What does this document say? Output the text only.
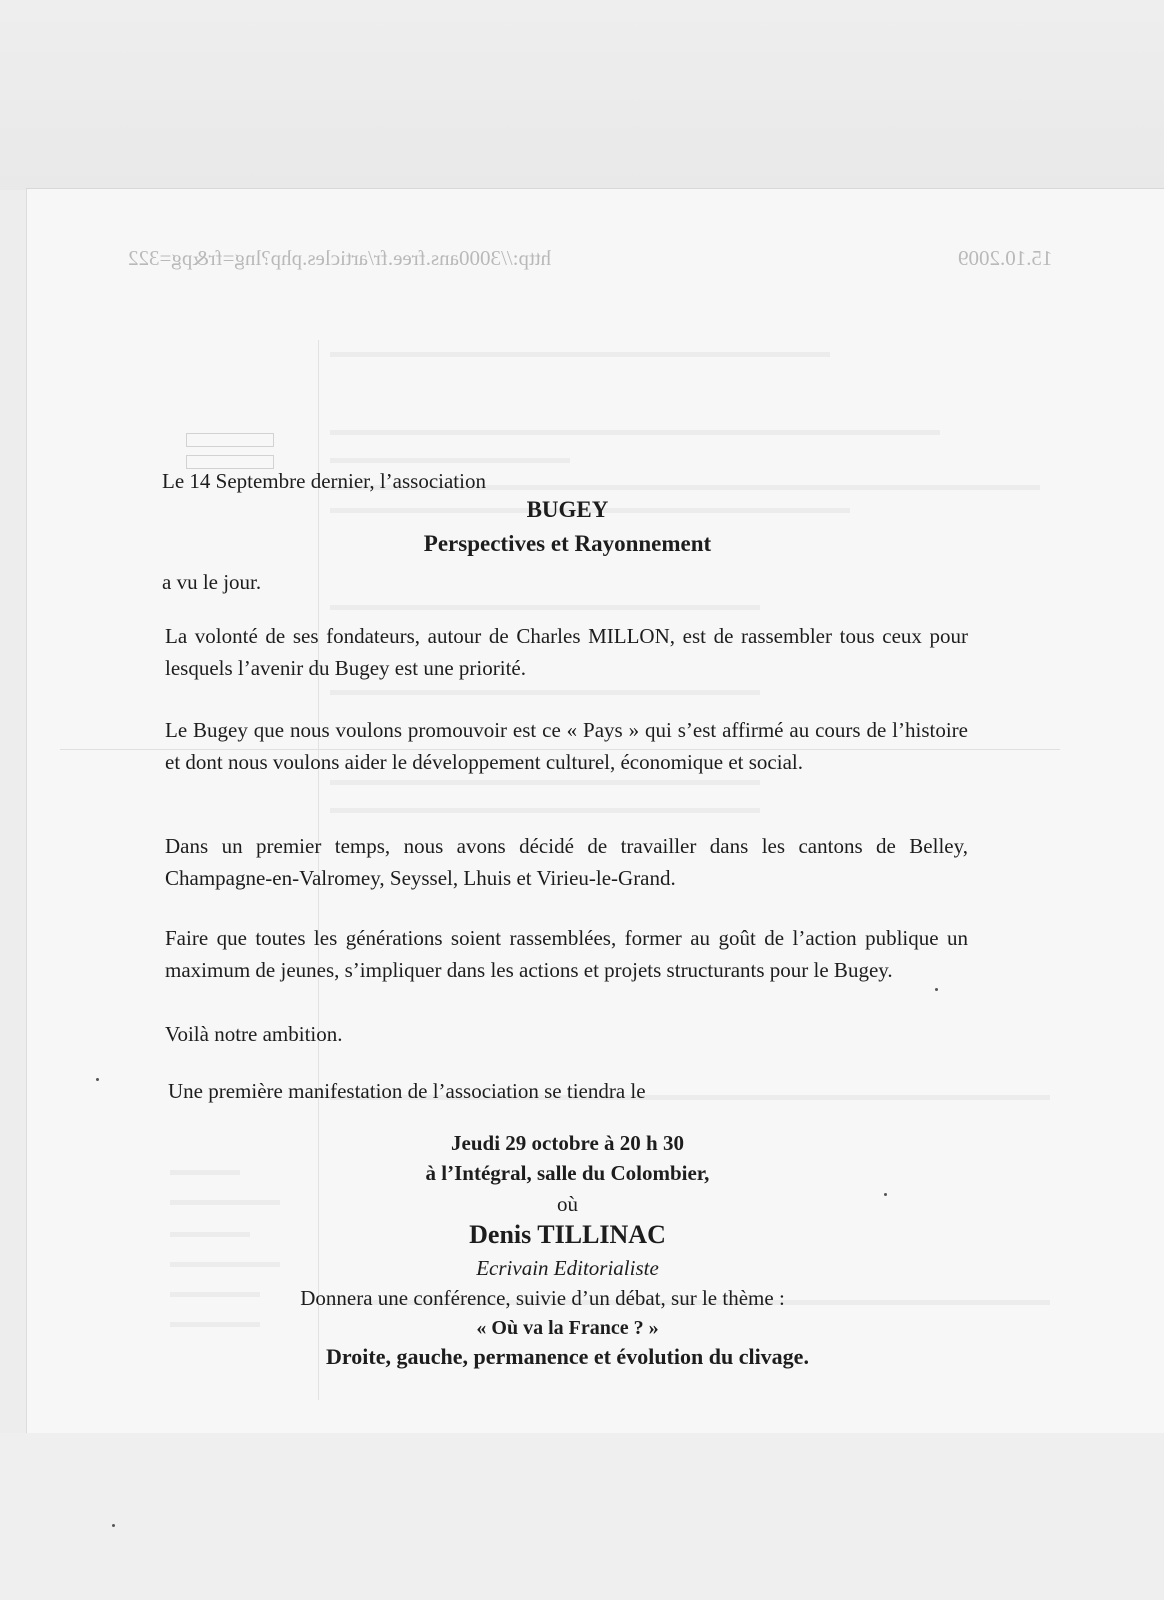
http://3000ans.free.fr/articles.php?lng=fr&pg=322	15.10.2009
Le 14 Septembre dernier, l’association
BUGEY
Perspectives et Rayonnement
a vu le jour.
La volonté de ses fondateurs, autour de Charles MILLON, est de rassembler tous ceux pour lesquels l’avenir du Bugey est une priorité.
Le Bugey que nous voulons promouvoir est ce « Pays » qui s’est affirmé au cours de l’histoire et dont nous voulons aider le développement culturel, économique et social.
Dans un premier temps, nous avons décidé de travailler dans les cantons de Belley, Champagne-en-Valromey, Seyssel, Lhuis et Virieu-le-Grand.
Faire que toutes les générations soient rassemblées, former au goût de l’action publique un maximum de jeunes, s’impliquer dans les actions et projets structurants pour le Bugey.
Voilà notre ambition.
Une première manifestation de l’association se tiendra le
Jeudi 29 octobre à 20 h 30
à l’Intégral, salle du Colombier,
où
Denis TILLINAC
Ecrivain Editorialiste
Donnera une conférence, suivie d’un débat, sur le thème :
« Où va la France ? »
Droite, gauche, permanence et évolution du clivage.
